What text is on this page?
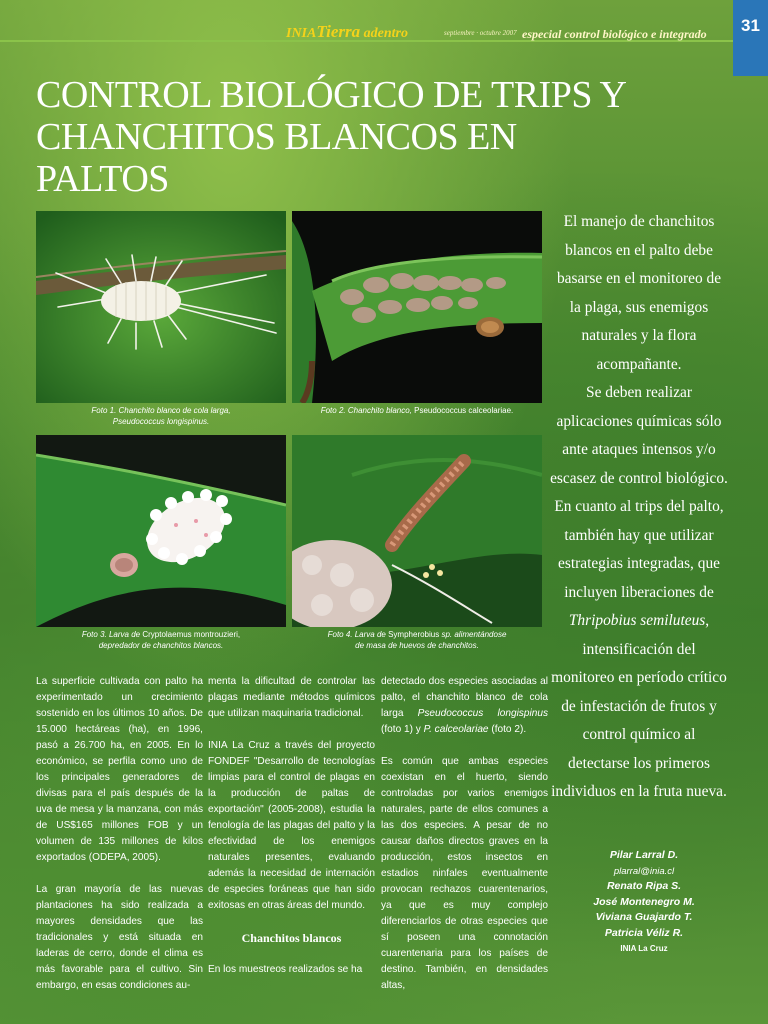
INIATierra adentro	septiembre · octubre 2007 especial control biológico e integrado 31
CONTROL BIOLÓGICO DE TRIPS Y
CHANCHITOS BLANCOS EN PALTOS
Foto 1. Chanchito blanco de cola larga,
Pseudococcus longispinus.
Foto 2. Chanchito blanco, Pseudococcus calceolariae.
Foto 3. Larva de Cryptolaemus montrouzieri,
depredador de chanchitos blancos.
Foto 4. Larva de Sympherobius sp. alimentándose
de masa de huevos de chanchitos.

La superficie cultivada con palto ha experimentado un crecimiento sostenido en los últimos 10 años. De 15.000 hectáreas (ha), en 1996, pasó a 26.700 ha, en 2005. En lo económico, se perfila como uno de los principales generadores de divisas para el país después de la uva de mesa y la manzana, con más de US$165 millones FOB y un volumen de 135 millones de kilos exportados (ODEPA, 2005).

La gran mayoría de las nuevas plantaciones ha sido realizada a mayores densidades que las tradicionales y está situada en laderas de cerro, donde el clima es más favorable para el cultivo. Sin embargo, en esas condiciones au-

menta la dificultad de controlar las plagas mediante métodos químicos que utilizan maquinaria tradicional.

INIA La Cruz a través del proyecto FONDEF "Desarrollo de tecnologías limpias para el control de plagas en la producción de paltas de exportación" (2005-2008), estudia la fenología de las plagas del palto y la efectividad de los enemigos naturales presentes, evaluando además la necesidad de internación de especies foráneas que han sido exitosas en otras áreas del mundo.

Chanchitos blancos

En los muestreos realizados se ha

detectado dos especies asociadas al palto, el chanchito blanco de cola larga Pseudococcus longispinus (foto 1) y P. calceolariae (foto 2).

Es común que ambas especies coexistan en el huerto, siendo controladas por varios enemigos naturales, parte de ellos comunes a las dos especies. A pesar de no causar daños directos graves en la producción, estos insectos en estadios ninfales eventualmente provocan rechazos cuarentenarios, ya que es muy complejo diferenciarlos de otras especies que sí poseen una connotación cuarentenaria para los países de destino. También, en densidades altas,

El manejo de chanchitos blancos en el palto debe basarse en el monitoreo de la plaga, sus enemigos naturales y la flora acompañante.
Se deben realizar aplicaciones químicas sólo ante ataques intensos y/o escasez de control biológico. En cuanto al trips del palto, también hay que utilizar estrategias integradas, que incluyen liberaciones de Thripobius semiluteus, intensificación del monitoreo en período crítico de infestación de frutos y control químico al detectarse los primeros individuos en la fruta nueva.

Pilar Larral D.
plarral@inia.cl
Renato Ripa S.
José Montenegro M.
Viviana Guajardo T.
Patricia Véliz R.
INIA La Cruz
